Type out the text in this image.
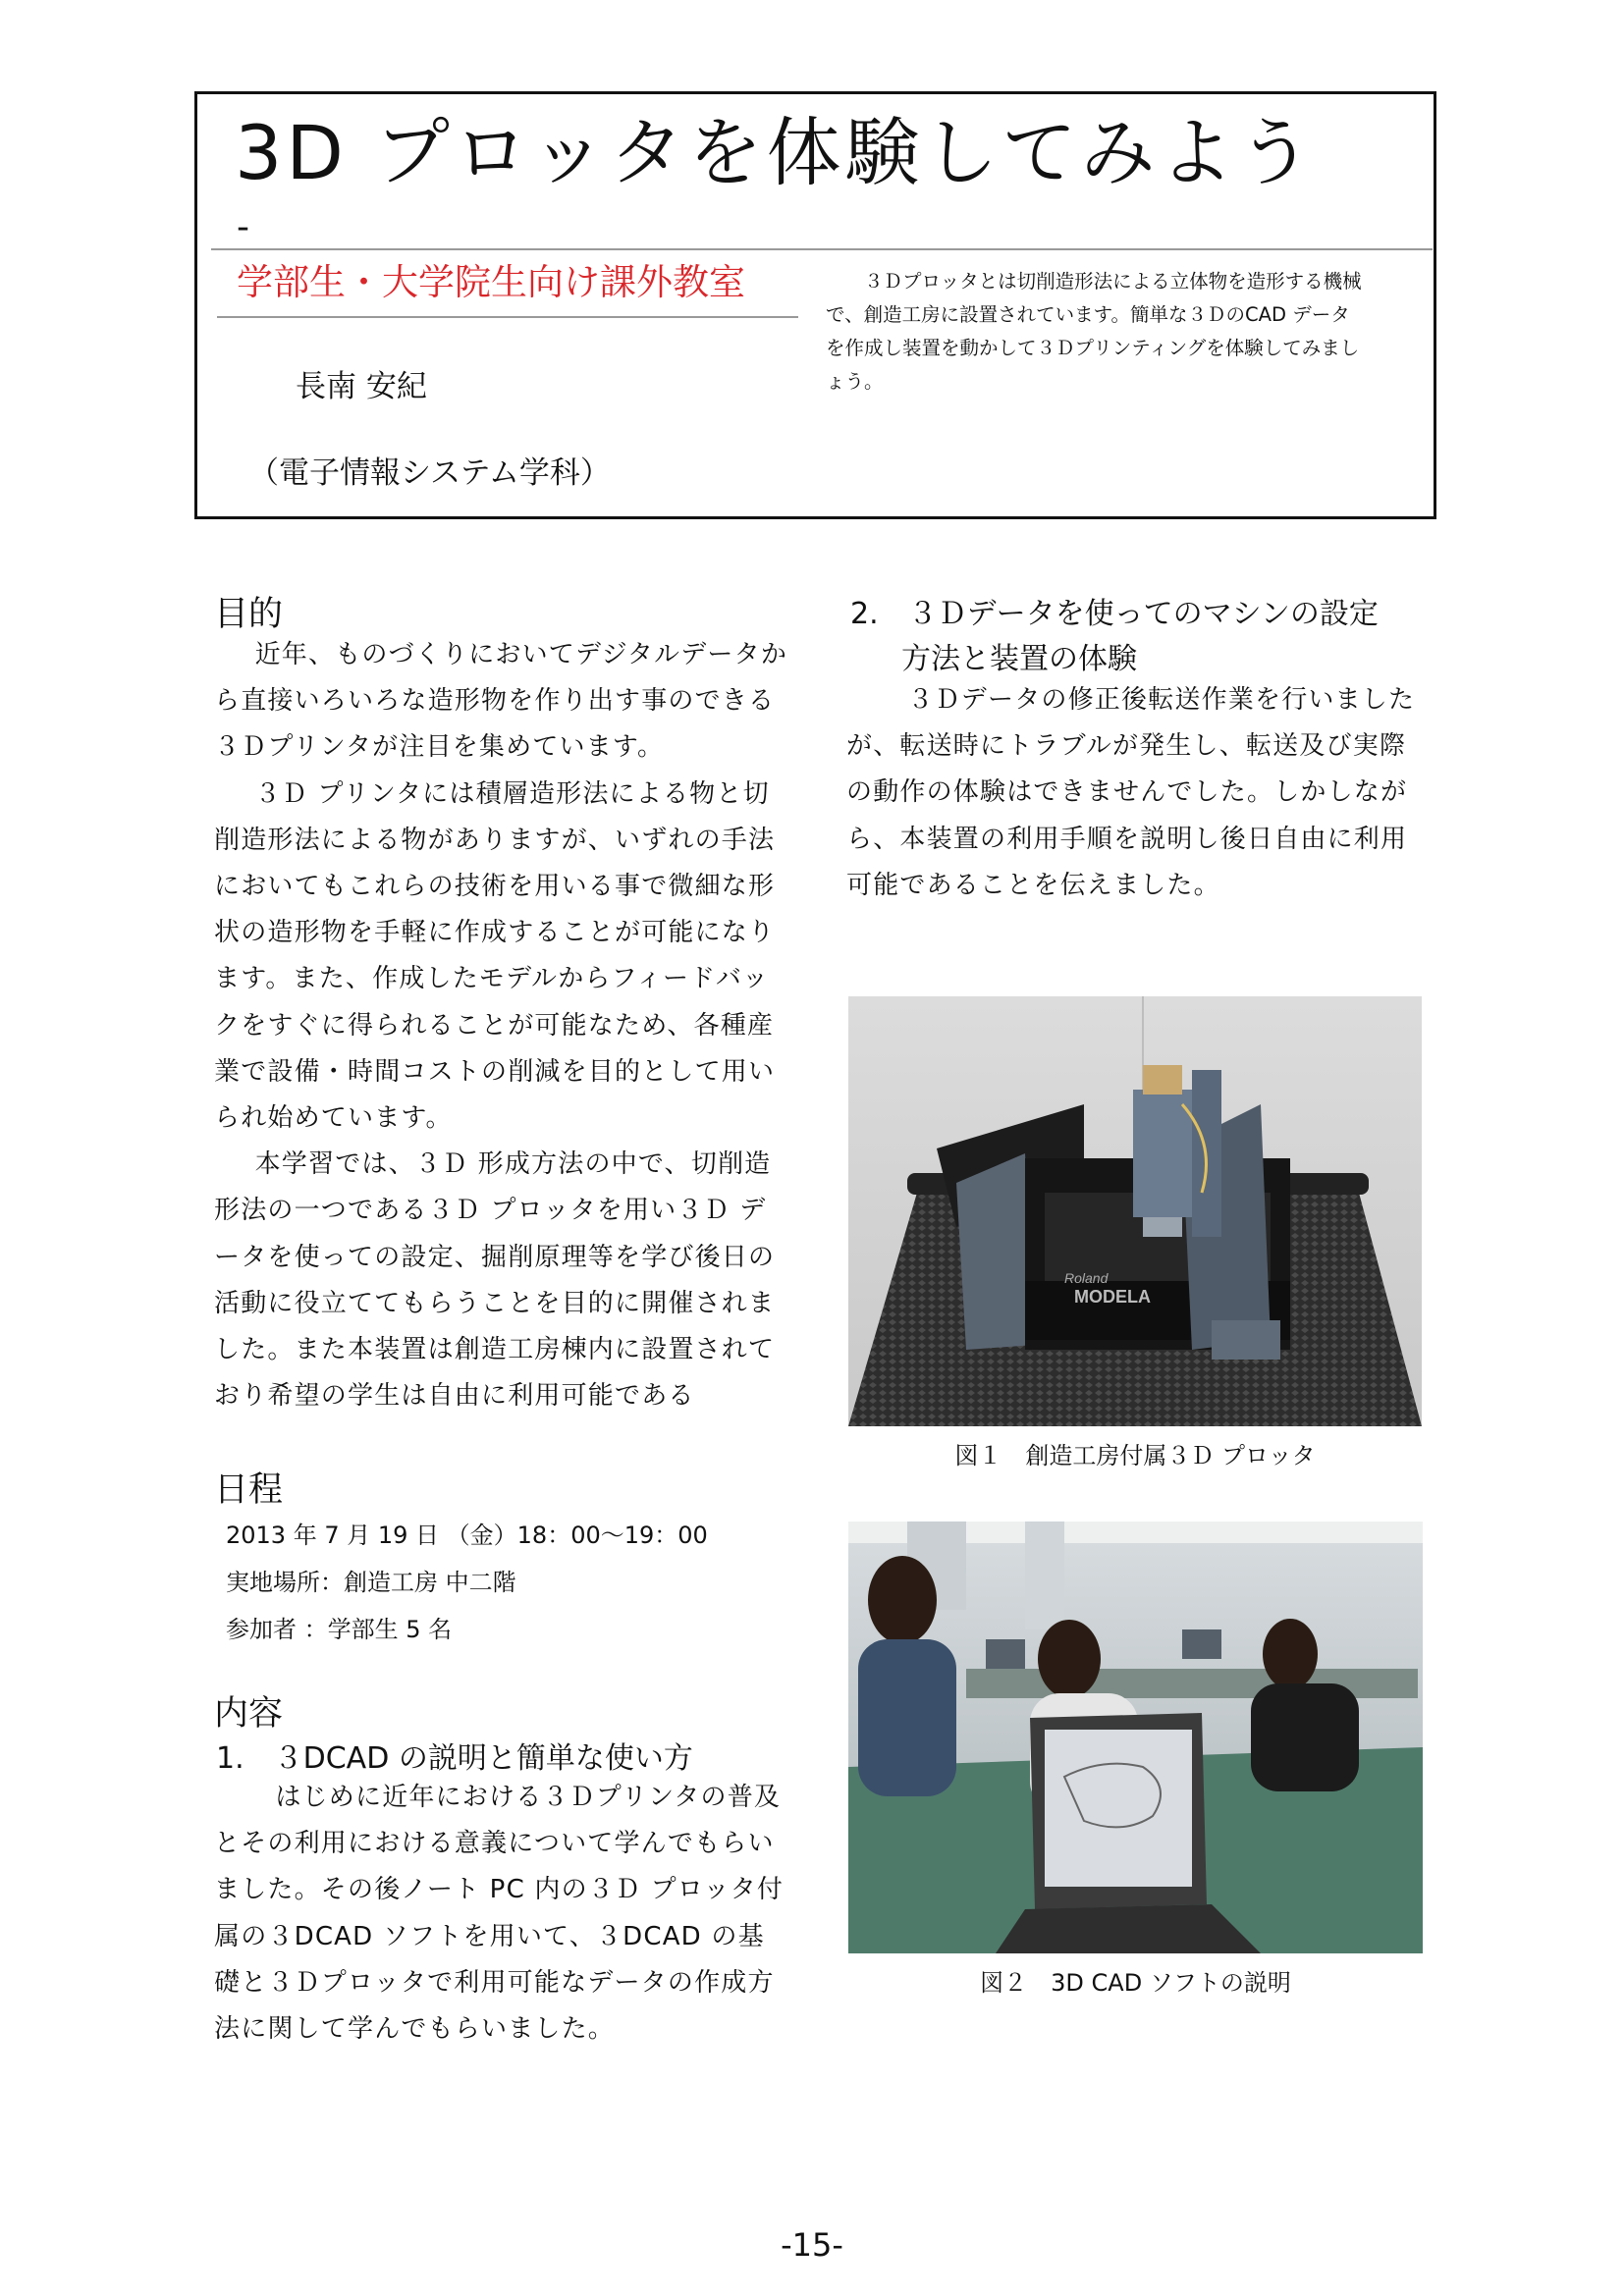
3D プロッタを体験してみよう
-
学部生・大学院生向け課外教室
長南 安紀
（電子情報システム学科）
３Ｄプロッタとは切削造形法による立体物を造形する機械で、創造工房に設置されています。簡単な３ＤのCAD データを作成し装置を動かして３Ｄプリンティングを体験してみましょう。
目的

近年、ものづくりにおいてデジタルデータから直接いろいろな造形物を作り出す事のできる３Ｄプリンタが注目を集めています。

３Ｄ プリンタには積層造形法による物と切削造形法による物がありますが、いずれの手法においてもこれらの技術を用いる事で微細な形状の造形物を手軽に作成することが可能になります。また、作成したモデルからフィードバックをすぐに得られることが可能なため、各種産業で設備・時間コストの削減を目的として用いられ始めています。

本学習では、３Ｄ 形成方法の中で、切削造形法の一つである３Ｄ プロッタを用い３Ｄ データを使っての設定、掘削原理等を学び後日の活動に役立ててもらうことを目的に開催されました。また本装置は創造工房棟内に設置されており希望の学生は自由に利用可能である

日程
2013 年 7 月 19 日 （金）18：00～19：00
実地場所：創造工房 中二階
参加者 ：学部生 5 名
内容
1.　３DCAD の説明と簡単な使い方

はじめに近年における３Ｄプリンタの普及とその利用における意義について学んでもらいました。その後ノート PC 内の３Ｄ プロッタ付属の３DCAD ソフトを用いて、３DCAD の基礎と３Ｄプロッタで利用可能なデータの作成方法に関して学んでもらいました。

2.　３Ｄデータを使ってのマシンの設定
方法と装置の体験

３Ｄデータの修正後転送作業を行いましたが、転送時にトラブルが発生し、転送及び実際の動作の体験はできませんでした。しかしながら、本装置の利用手順を説明し後日自由に利用可能であることを伝えました。

Roland
MODELA
図１　創造工房付属３Ｄ プロッタ
図２　3D CAD ソフトの説明
-15-
